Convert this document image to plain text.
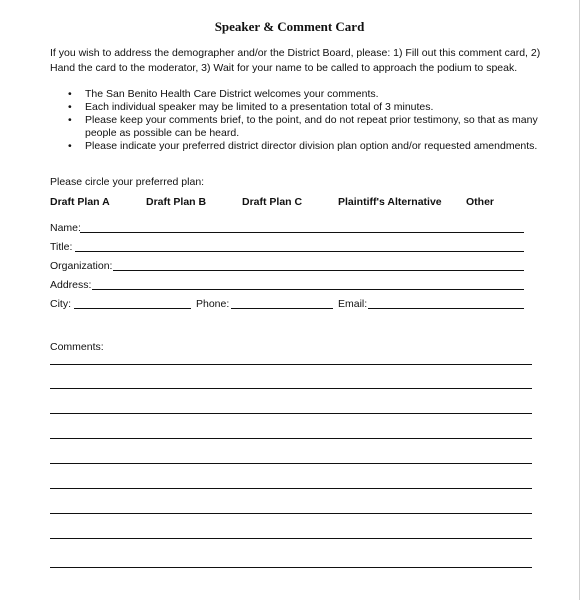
Speaker & Comment Card
If you wish to address the demographer and/or the District Board, please: 1) Fill out this comment card, 2) Hand the card to the moderator, 3) Wait for your name to be called to approach the podium to speak.
• The San Benito Health Care District welcomes your comments.
• Each individual speaker may be limited to a presentation total of 3 minutes.
• Please keep your comments brief, to the point, and do not repeat prior testimony, so that as many people as possible can be heard.
• Please indicate your preferred district director division plan option and/or requested amendments.
Please circle your preferred plan:
Draft Plan A	Draft Plan B	Draft Plan C	Plaintiff's Alternative Other
Name:
Title:
Organization:
Address:
City:	Phone:	Email:
Comments:
